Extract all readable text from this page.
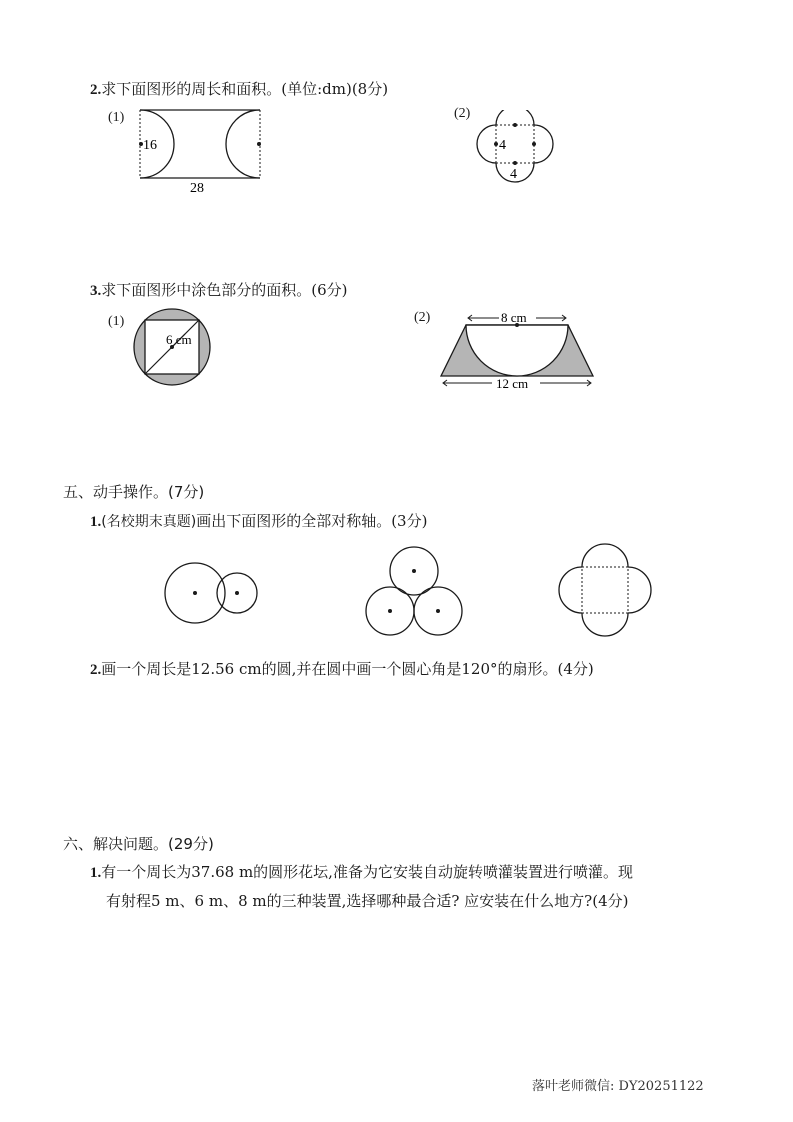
2.求下面图形的周长和面积。(单位:dm)(8分)
(1)	(2)
16
28
4
4
3.求下面图形中涂色部分的面积。(6分)
(1)	(2)
6 cm
8 cm
12 cm
五、动手操作。(7分)
1.(名校期末真题)画出下面图形的全部对称轴。(3分)
2.画一个周长是12.56 cm的圆,并在圆中画一个圆心角是120°的扇形。(4分)
六、解决问题。(29分)
1.有一个周长为37.68 m的圆形花坛,准备为它安装自动旋转喷灌装置进行喷灌。现
有射程5 m、6 m、8 m的三种装置,选择哪种最合适? 应安装在什么地方?(4分)
落叶老师微信: DY20251122
